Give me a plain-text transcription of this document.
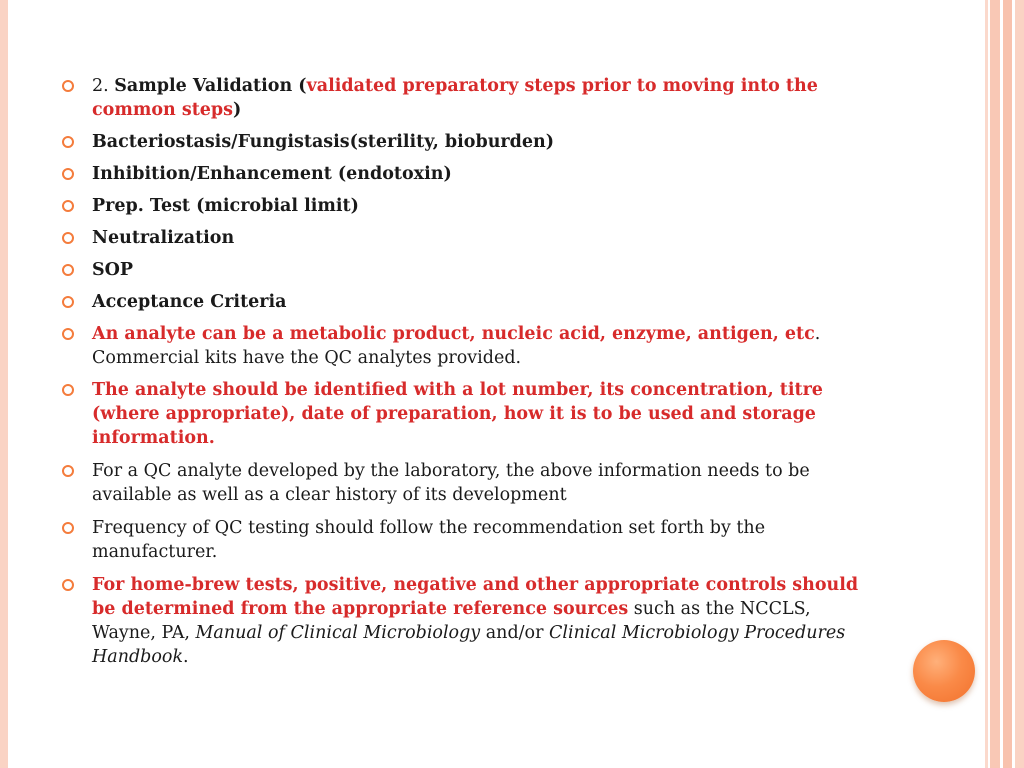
2. Sample Validation (validated preparatory steps prior to moving into the common steps)
Bacteriostasis/Fungistasis(sterility, bioburden)
Inhibition/Enhancement (endotoxin)
Prep. Test (microbial limit)
Neutralization
SOP
Acceptance Criteria
An analyte can be a metabolic product, nucleic acid, enzyme, antigen, etc. Commercial kits have the QC analytes provided.
The analyte should be identified with a lot number, its concentration, titre (where appropriate), date of preparation, how it is to be used and storage information.
For a QC analyte developed by the laboratory, the above information needs to be available as well as a clear history of its development
Frequency of QC testing should follow the recommendation set forth by the manufacturer.
For home-brew tests, positive, negative and other appropriate controls should be determined from the appropriate reference sources such as the NCCLS, Wayne, PA, Manual of Clinical Microbiology and/or Clinical Microbiology Procedures Handbook.
